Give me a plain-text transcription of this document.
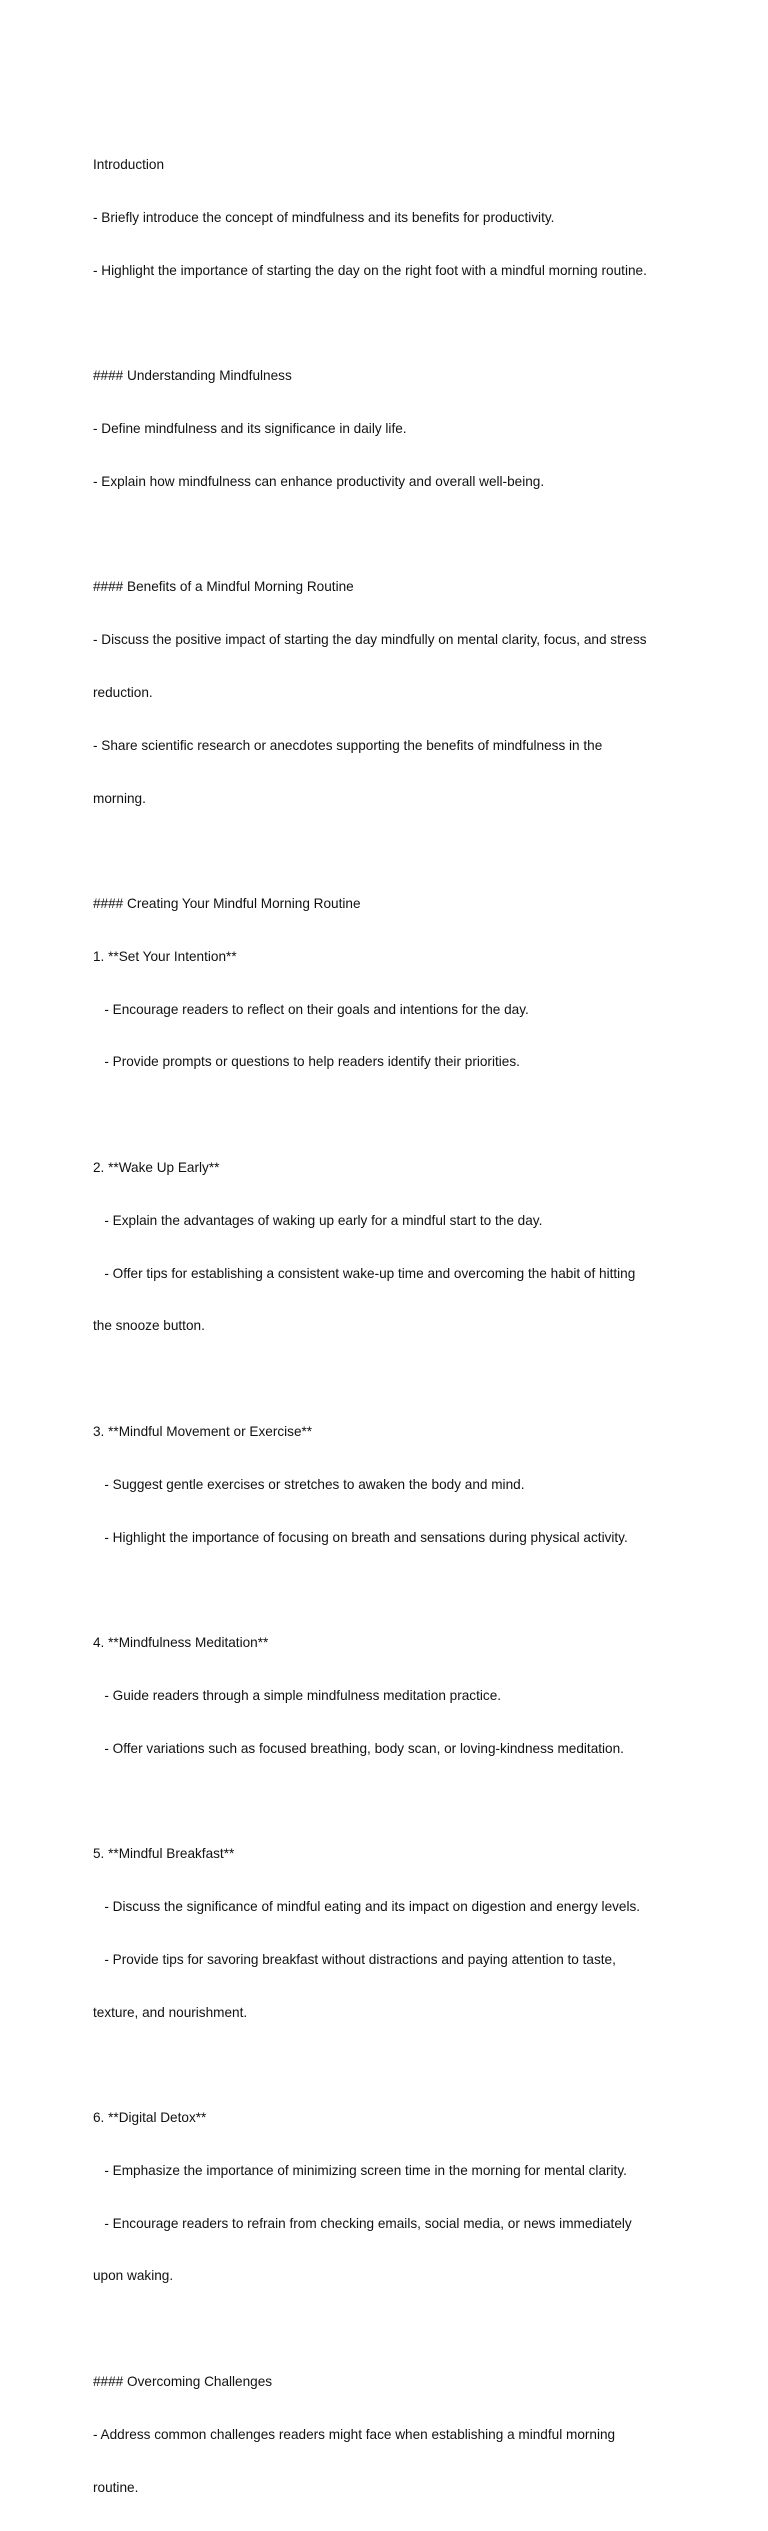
Introduction

- Briefly introduce the concept of mindfulness and its benefits for productivity.

- Highlight the importance of starting the day on the right foot with a mindful morning routine.

#### Understanding Mindfulness

- Define mindfulness and its significance in daily life.

- Explain how mindfulness can enhance productivity and overall well-being.

#### Benefits of a Mindful Morning Routine

- Discuss the positive impact of starting the day mindfully on mental clarity, focus, and stress

reduction.

- Share scientific research or anecdotes supporting the benefits of mindfulness in the

morning.

#### Creating Your Mindful Morning Routine

1. **Set Your Intention**

- Encourage readers to reflect on their goals and intentions for the day.

- Provide prompts or questions to help readers identify their priorities.

2. **Wake Up Early**

- Explain the advantages of waking up early for a mindful start to the day.

- Offer tips for establishing a consistent wake-up time and overcoming the habit of hitting

the snooze button.

3. **Mindful Movement or Exercise**

- Suggest gentle exercises or stretches to awaken the body and mind.

- Highlight the importance of focusing on breath and sensations during physical activity.

4. **Mindfulness Meditation**

- Guide readers through a simple mindfulness meditation practice.

- Offer variations such as focused breathing, body scan, or loving-kindness meditation.

5. **Mindful Breakfast**

- Discuss the significance of mindful eating and its impact on digestion and energy levels.

- Provide tips for savoring breakfast without distractions and paying attention to taste,

texture, and nourishment.

6. **Digital Detox**

- Emphasize the importance of minimizing screen time in the morning for mental clarity.

- Encourage readers to refrain from checking emails, social media, or news immediately

upon waking.

#### Overcoming Challenges

- Address common challenges readers might face when establishing a mindful morning

routine.
